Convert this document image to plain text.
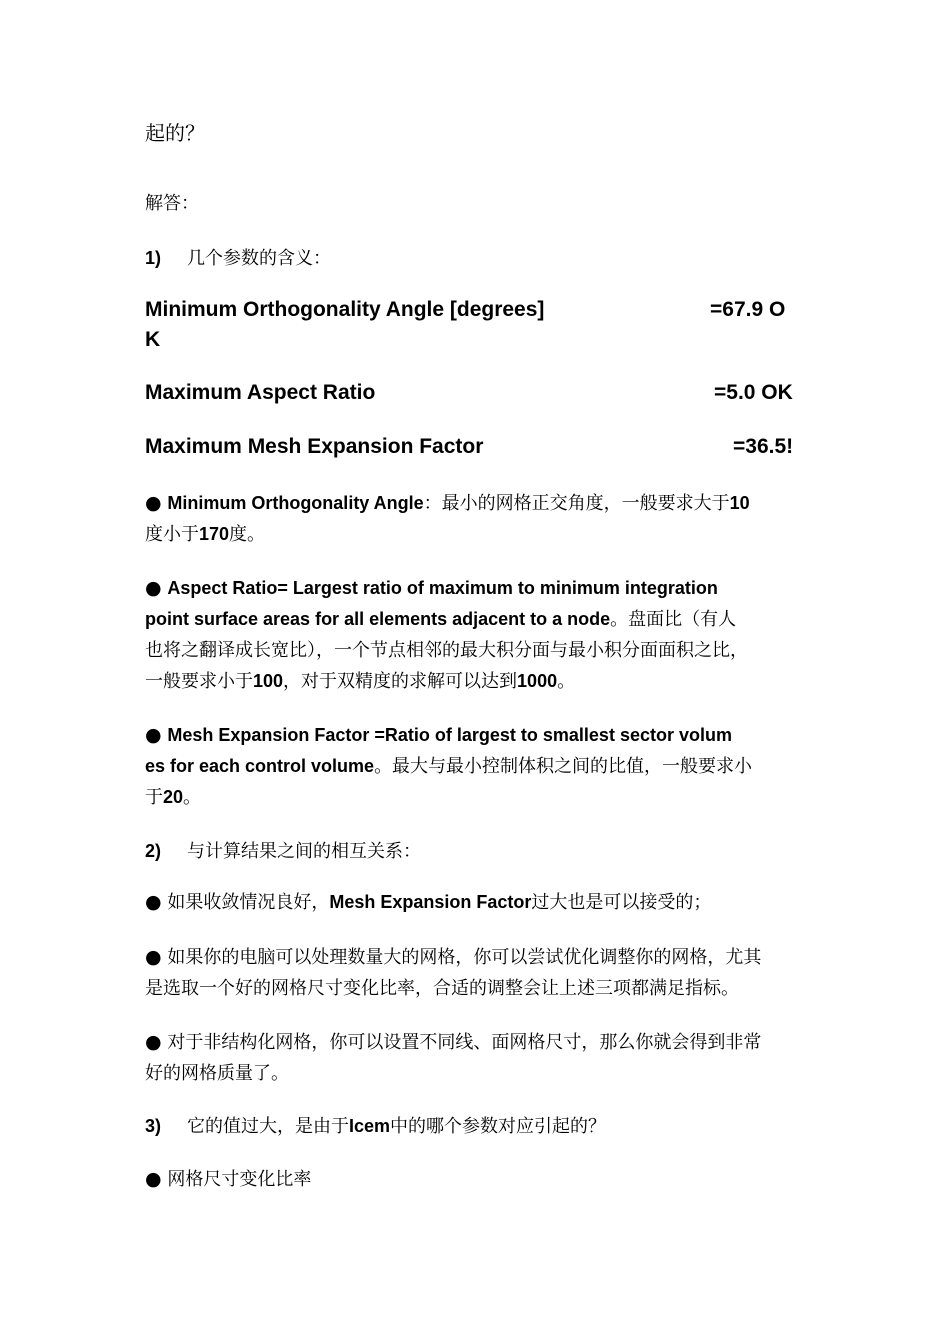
起的？
解答：
1) 几个参数的含义：
Minimum Orthogonality Angle [degrees]	=67.9 O
K
Maximum Aspect Ratio	=5.0 OK
Maximum Mesh Expansion Factor	=36.5!
● Minimum Orthogonality Angle：最小的网格正交角度，一般要求大于10
度小于170度。
● Aspect Ratio= Largest ratio of maximum to minimum integration
point surface areas for all elements adjacent to a node。盘面比（有人
也将之翻译成长宽比），一个节点相邻的最大积分面与最小积分面面积之比，
一般要求小于100，对于双精度的求解可以达到1000。
● Mesh Expansion Factor =Ratio of largest to smallest sector volum
es for each control volume。最大与最小控制体积之间的比值，一般要求小
于20。
2) 与计算结果之间的相互关系：
● 如果收敛情况良好，Mesh Expansion Factor过大也是可以接受的；
● 如果你的电脑可以处理数量大的网格，你可以尝试优化调整你的网格，尤其
是选取一个好的网格尺寸变化比率，合适的调整会让上述三项都满足指标。
● 对于非结构化网格，你可以设置不同线、面网格尺寸，那么你就会得到非常
好的网格质量了。
3) 它的值过大，是由于Icem中的哪个参数对应引起的？
● 网格尺寸变化比率
